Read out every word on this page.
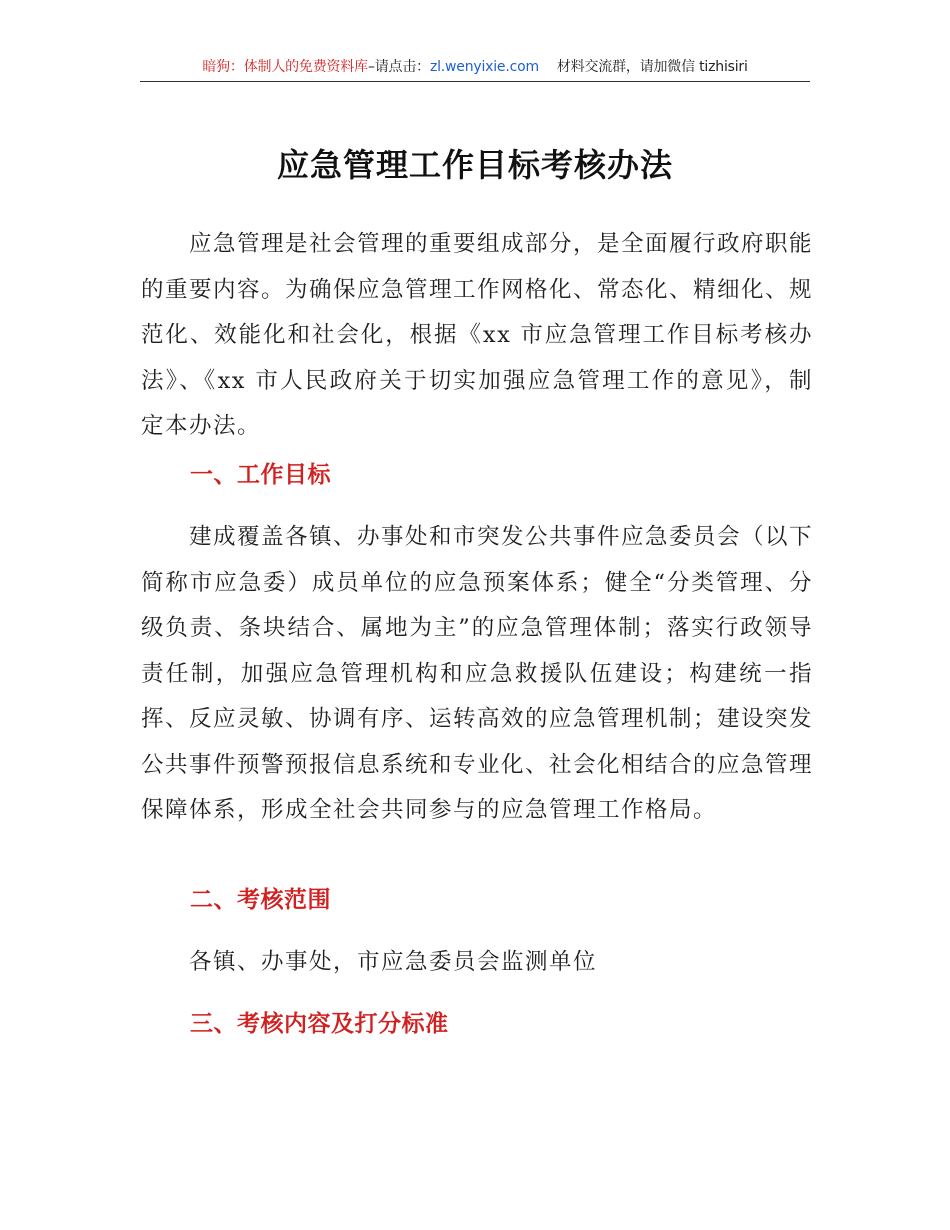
暗狗：体制人的免费资料库–请点击：zl.wenyixie.com 材料交流群，请加微信 tizhisiri
应急管理工作目标考核办法

应急管理是社会管理的重要组成部分，是全面履行政府职能的重要内容。为确保应急管理工作网格化、常态化、精细化、规范化、效能化和社会化，根据《xx 市应急管理工作目标考核办法》、《xx 市人民政府关于切实加强应急管理工作的意见》，制定本办法。

一、工作目标

建成覆盖各镇、办事处和市突发公共事件应急委员会（以下简称市应急委）成员单位的应急预案体系；健全“分类管理、分级负责、条块结合、属地为主”的应急管理体制；落实行政领导责任制，加强应急管理机构和应急救援队伍建设；构建统一指挥、反应灵敏、协调有序、运转高效的应急管理机制；建设突发公共事件预警预报信息系统和专业化、社会化相结合的应急管理保障体系，形成全社会共同参与的应急管理工作格局。

二、考核范围

各镇、办事处，市应急委员会监测单位

三、考核内容及打分标准
